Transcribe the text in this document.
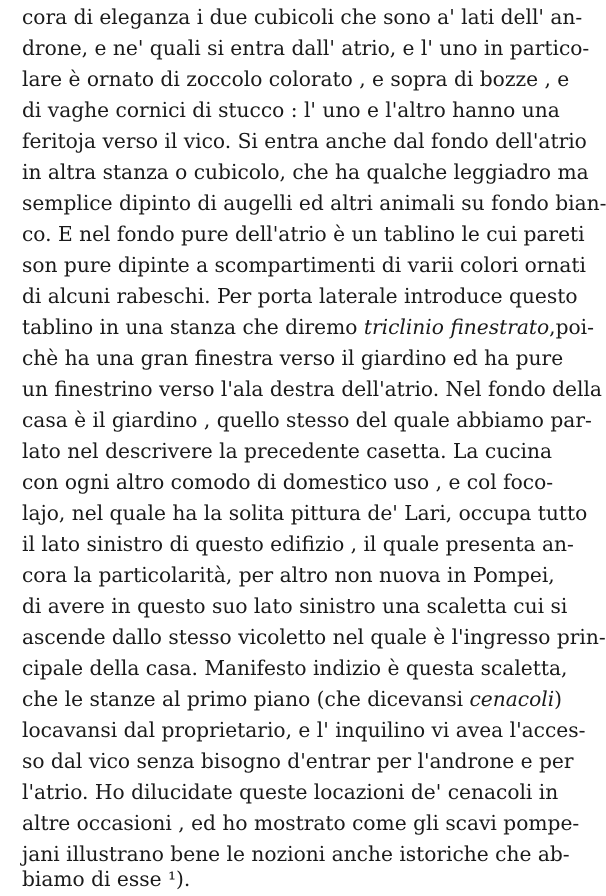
cora di eleganza i due cubicoli che sono a' lati dell' an-
drone, e ne' quali si entra dall' atrio, e l' uno in partico-
lare è ornato di zoccolo colorato , e sopra di bozze , e
di vaghe cornici di stucco : l' uno e l'altro hanno una
feritoja verso il vico. Si entra anche dal fondo dell'atrio
in altra stanza o cubicolo, che ha qualche leggiadro ma
semplice dipinto di augelli ed altri animali su fondo bian-
co. E nel fondo pure dell'atrio è un tablino le cui pareti
son pure dipinte a scompartimenti di varii colori ornati
di alcuni rabeschi. Per porta laterale introduce questo
tablino in una stanza che diremo triclinio finestrato,poi-
chè ha una gran finestra verso il giardino ed ha pure
un finestrino verso l'ala destra dell'atrio. Nel fondo della
casa è il giardino , quello stesso del quale abbiamo par-
lato nel descrivere la precedente casetta. La cucina
con ogni altro comodo di domestico uso , e col foco-
lajo, nel quale ha la solita pittura de' Lari, occupa tutto
il lato sinistro di questo edifizio , il quale presenta an-
cora la particolarità, per altro non nuova in Pompei,
di avere in questo suo lato sinistro una scaletta cui si
ascende dallo stesso vicoletto nel quale è l'ingresso prin-
cipale della casa. Manifesto indizio è questa scaletta,
che le stanze al primo piano (che dicevansi cenacoli)
locavansi dal proprietario, e l' inquilino vi avea l'acces-
so dal vico senza bisogno d'entrar per l'androne e per
l'atrio. Ho dilucidate queste locazioni de' cenacoli in
altre occasioni , ed ho mostrato come gli scavi pompe-
jani illustrano bene le nozioni anche istoriche che ab-
biamo di esse ¹).
